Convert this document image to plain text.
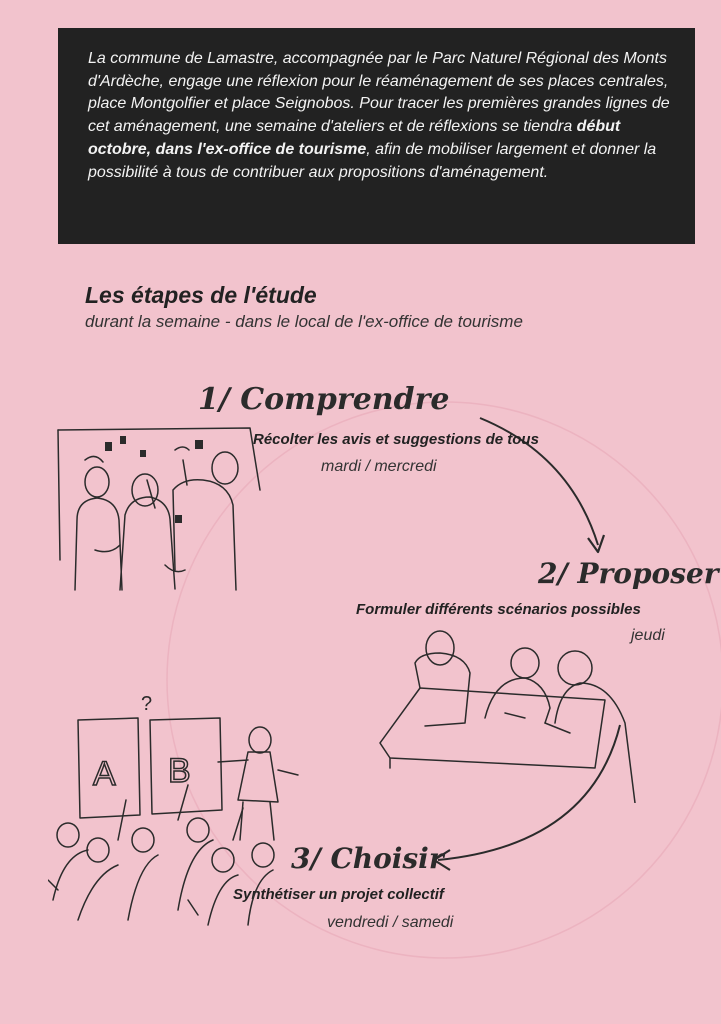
La commune de Lamastre, accompagnée par le Parc Naturel Régional des Monts d'Ardèche, engage une réflexion pour le réaménagement de ses places centrales, place Montgolfier et place Seignobos. Pour tracer les premières grandes lignes de cet aménagement, une semaine d'ateliers et de réflexions se tiendra début octobre, dans l'ex-office de tourisme, afin de mobiliser largement et donner la possibilité à tous de contribuer aux propositions d'aménagement.

Les étapes de l'étude

durant la semaine - dans le local de l'ex-office de tourisme

1/ Comprendre
Récolter les avis et suggestions de tous
mardi / mercredi
2/ Proposer
Formuler différents scénarios possibles
jeudi
3/ Choisir
Synthétiser un projet collectif
vendredi / samedi
A B
?
